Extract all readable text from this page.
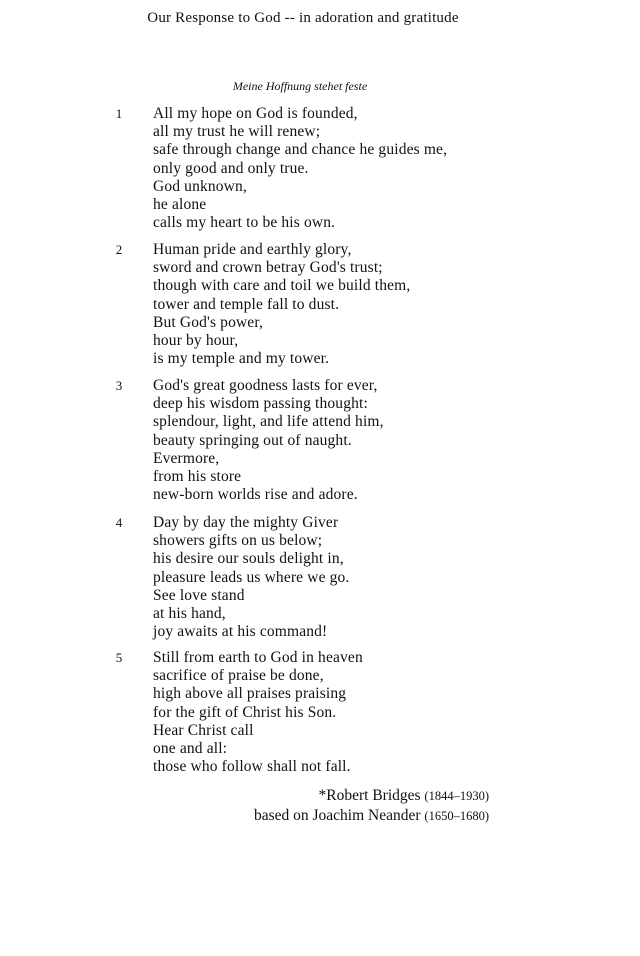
Our Response to God -- in adoration and gratitude
Meine Hoffnung stehet feste
1 All my hope on God is founded,
all my trust he will renew;
safe through change and chance he guides me,
only good and only true.
God unknown,
he alone
calls my heart to be his own.
2 Human pride and earthly glory,
sword and crown betray God's trust;
though with care and toil we build them,
tower and temple fall to dust.
But God's power,
hour by hour,
is my temple and my tower.
3 God's great goodness lasts for ever,
deep his wisdom passing thought:
splendour, light, and life attend him,
beauty springing out of naught.
Evermore,
from his store
new-born worlds rise and adore.
4 Day by day the mighty Giver
showers gifts on us below;
his desire our souls delight in,
pleasure leads us where we go.
See love stand
at his hand,
joy awaits at his command!
5 Still from earth to God in heaven
sacrifice of praise be done,
high above all praises praising
for the gift of Christ his Son.
Hear Christ call
one and all:
those who follow shall not fall.
*Robert Bridges (1844–1930)
based on Joachim Neander (1650–1680)
